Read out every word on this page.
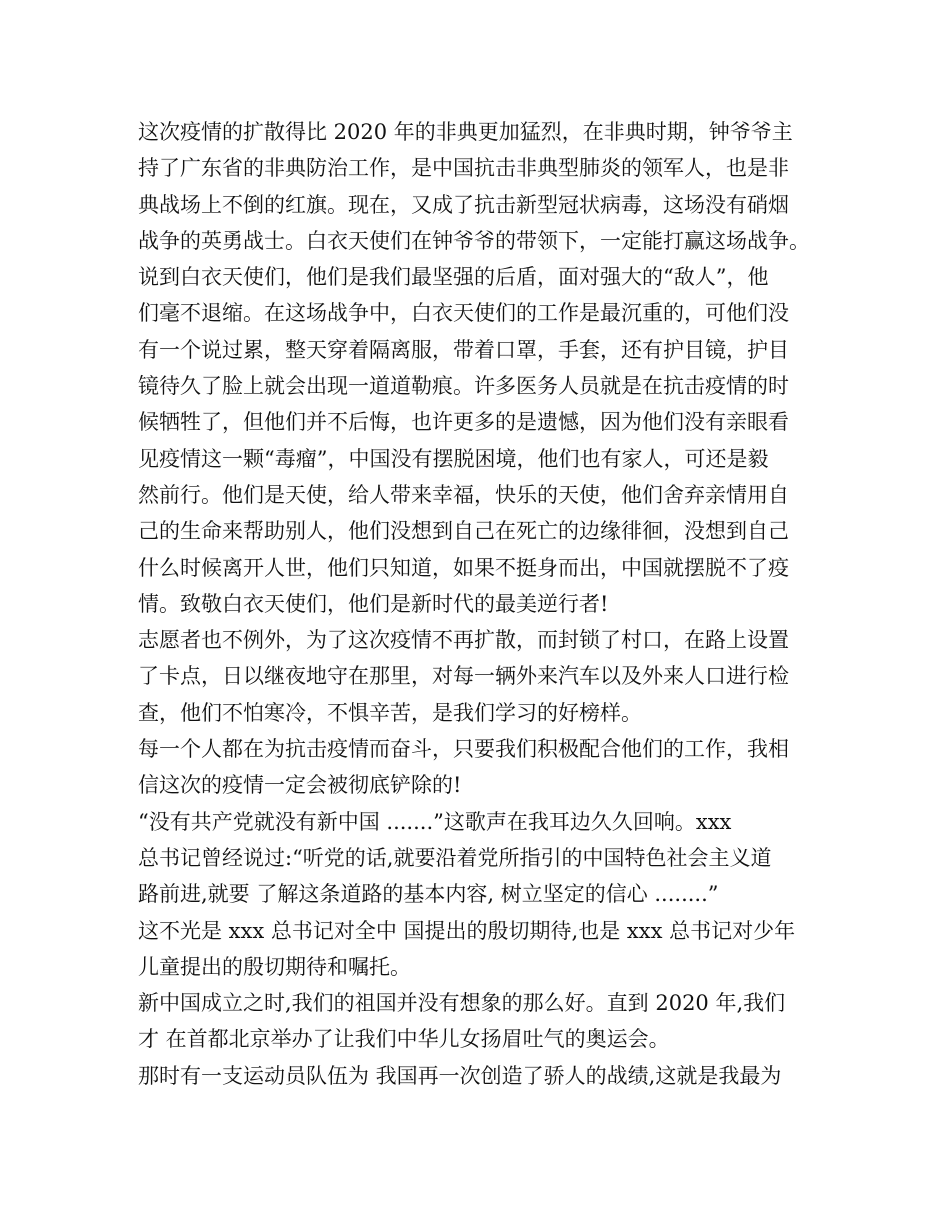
这次疫情的扩散得比 2020 年的非典更加猛烈，在非典时期，钟爷爷主
持了广东省的非典防治工作，是中国抗击非典型肺炎的领军人，也是非
典战场上不倒的红旗。现在，又成了抗击新型冠状病毒，这场没有硝烟
战争的英勇战士。白衣天使们在钟爷爷的带领下，一定能打赢这场战争。
说到白衣天使们，他们是我们最坚强的后盾，面对强大的“敌人”，他
们毫不退缩。在这场战争中，白衣天使们的工作是最沉重的，可他们没
有一个说过累，整天穿着隔离服，带着口罩，手套，还有护目镜，护目
镜待久了脸上就会出现一道道勒痕。许多医务人员就是在抗击疫情的时
候牺牲了，但他们并不后悔，也许更多的是遗憾，因为他们没有亲眼看
见疫情这一颗“毒瘤”，中国没有摆脱困境，他们也有家人，可还是毅
然前行。他们是天使，给人带来幸福，快乐的天使，他们舍弃亲情用自
己的生命来帮助别人，他们没想到自己在死亡的边缘徘徊，没想到自己
什么时候离开人世，他们只知道，如果不挺身而出，中国就摆脱不了疫
情。致敬白衣天使们，他们是新时代的最美逆行者!
志愿者也不例外，为了这次疫情不再扩散，而封锁了村口，在路上设置
了卡点，日以继夜地守在那里，对每一辆外来汽车以及外来人口进行检
查，他们不怕寒冷，不惧辛苦，是我们学习的好榜样。
每一个人都在为抗击疫情而奋斗，只要我们积极配合他们的工作，我相
信这次的疫情一定会被彻底铲除的!
“没有共产党就没有新中国 .......”这歌声在我耳边久久回响。xxx
总书记曾经说过:“听党的话,就要沿着党所指引的中国特色社会主义道
路前进,就要 了解这条道路的基本内容, 树立坚定的信心 ........”
这不光是 xxx 总书记对全中 国提出的殷切期待,也是 xxx 总书记对少年
儿童提出的殷切期待和嘱托。
新中国成立之时,我们的祖国并没有想象的那么好。直到 2020 年,我们
才 在首都北京举办了让我们中华儿女扬眉吐气的奥运会。
那时有一支运动员队伍为 我国再一次创造了骄人的战绩,这就是我最为
